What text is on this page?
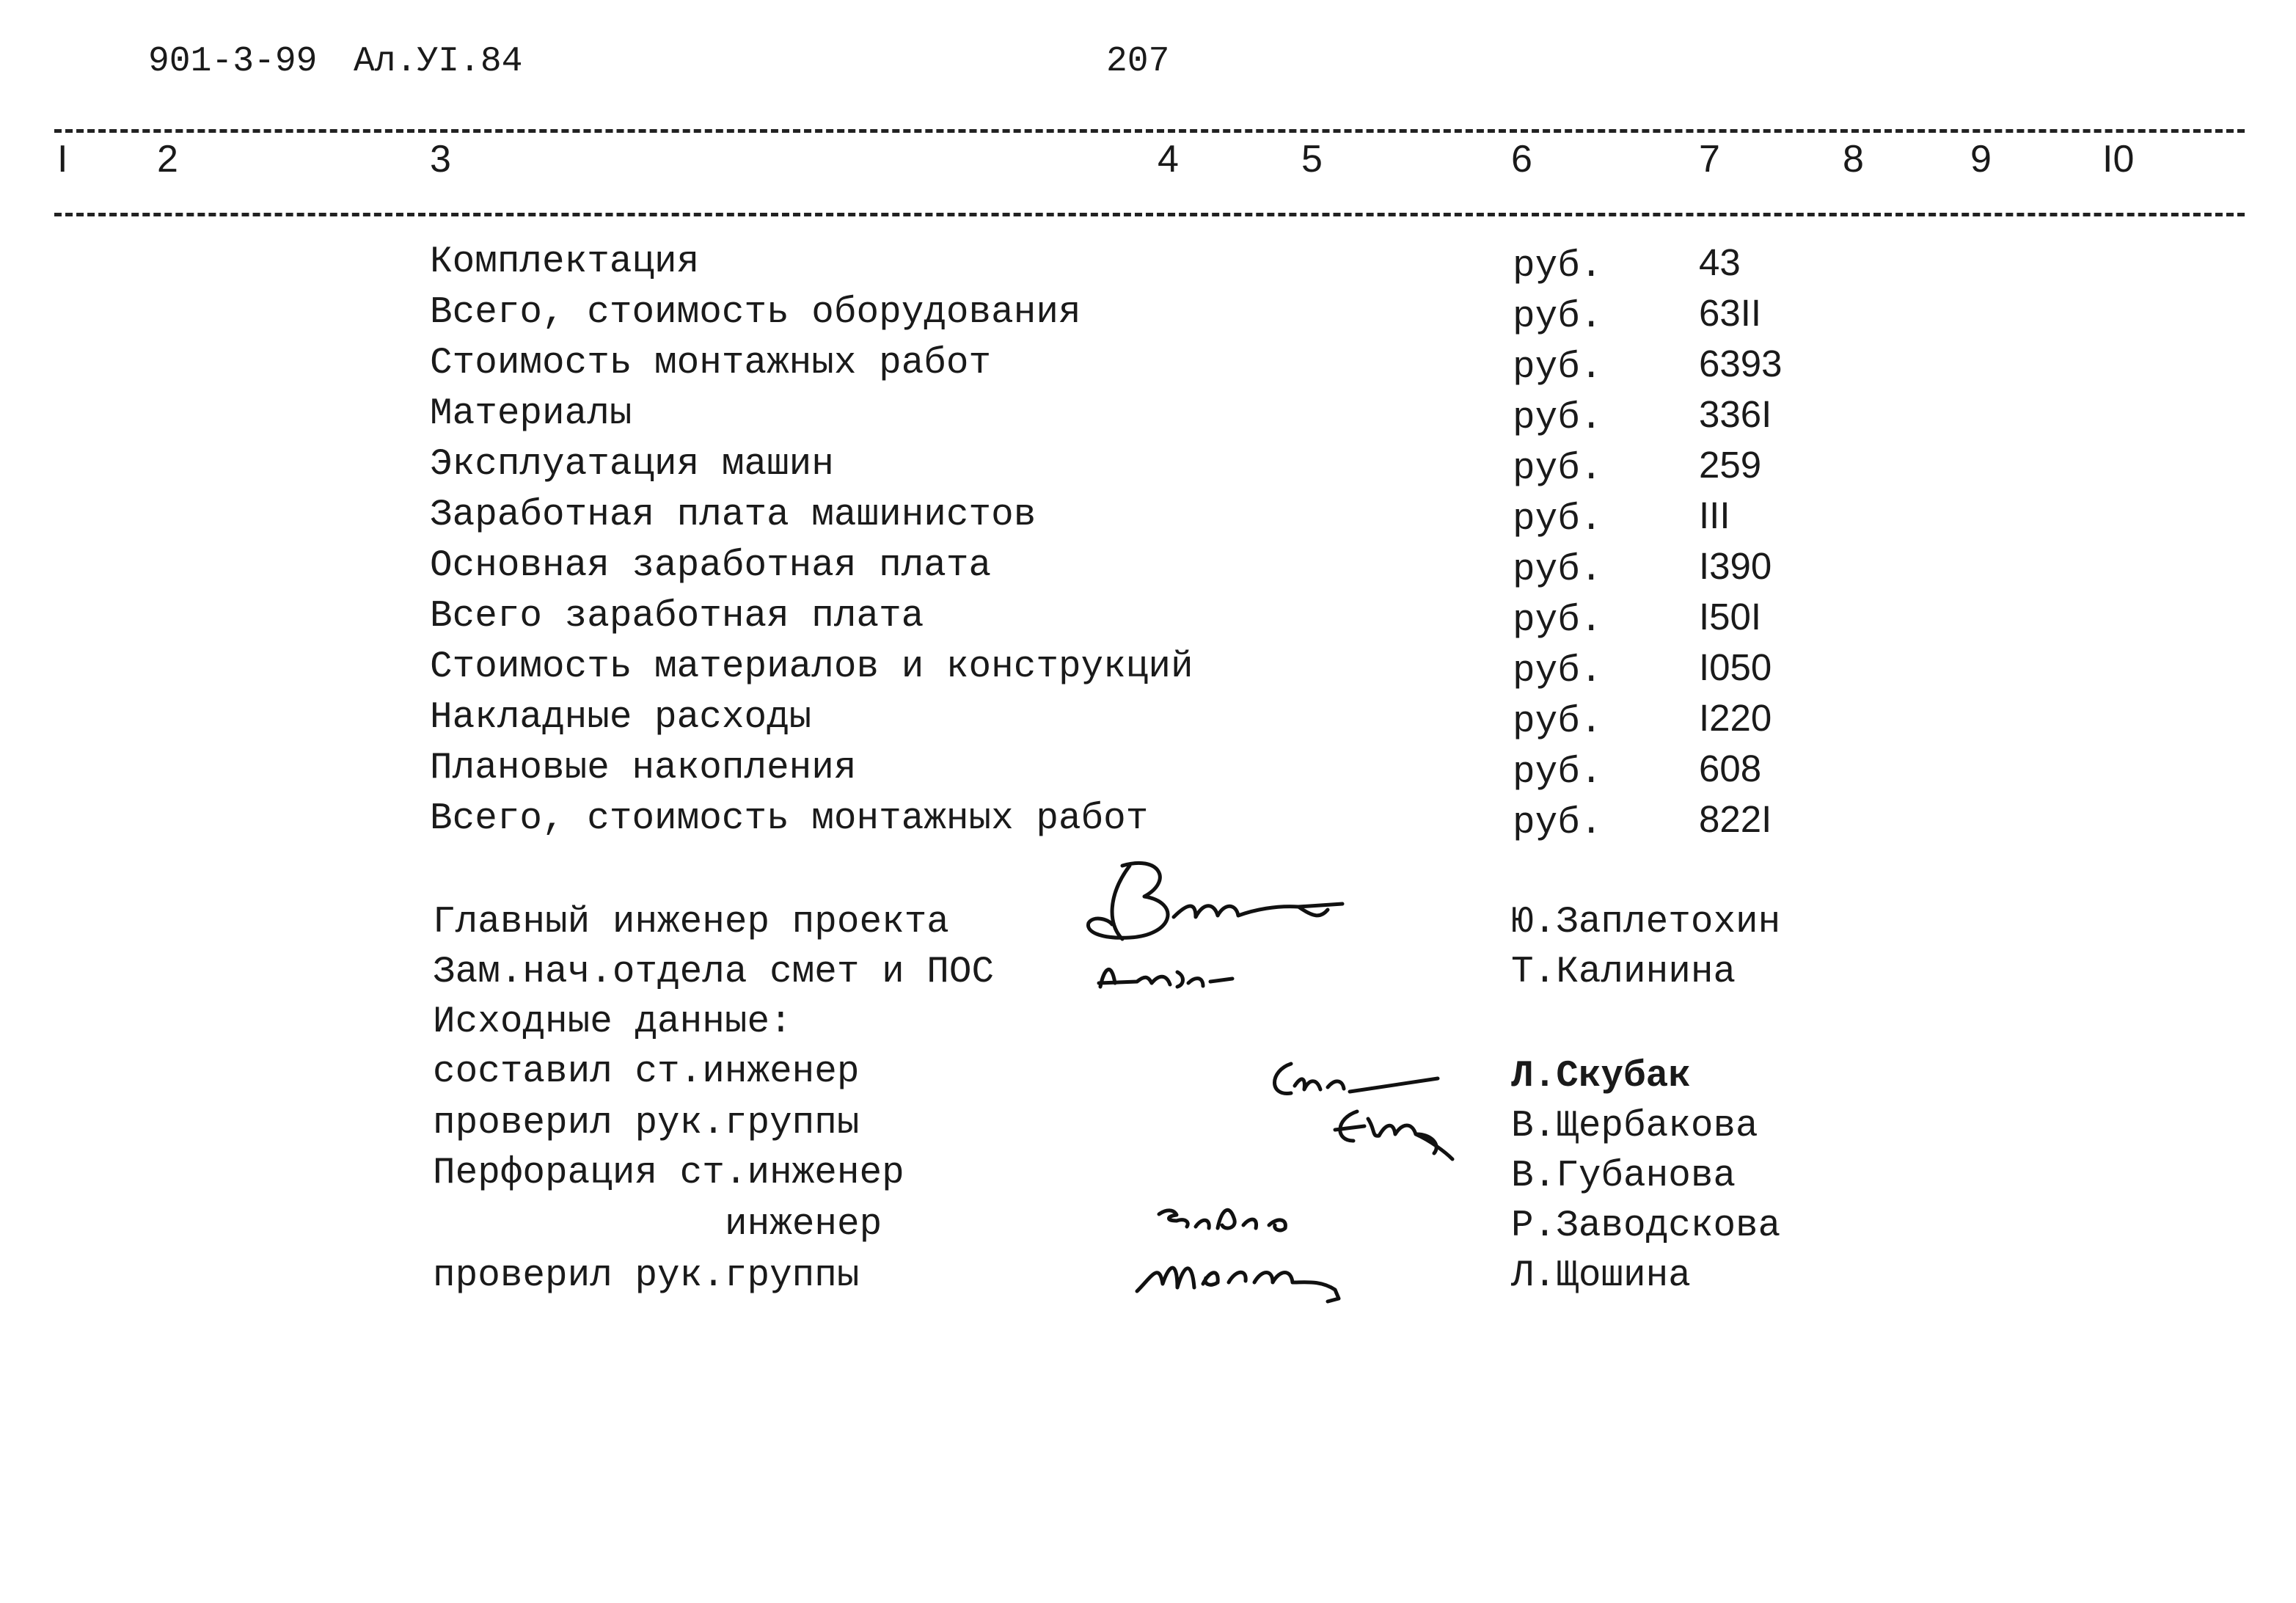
901-3-99 Ал.УI.84	207
I 2	3	4	5	6	7	8	9	I0
Комплектация	руб.	43
Всего, стоимость оборудования	руб.	63II
Стоимость монтажных работ	руб.	6393
Материалы	руб.	336I
Эксплуатация машин	руб.	259
Заработная плата машинистов	руб.	III
Основная заработная плата	руб.	I390
Всего заработная плата	руб.	I50I
Стоимость материалов и конструкций	руб.	I050
Накладные расходы	руб.	I220
Плановые накопления	руб.	608
Всего, стоимость монтажных работ	руб.	822I
Главный инженер проекта	Ю.Заплетохин
Зам.нач.отдела смет и ПОС	Т.Калинина
Исходные данные:
составил ст.инженер	Л.Скубак
проверил рук.группы	В.Щербакова
Перфорация ст.инженер	В.Губанова
инженер	Р.Заводскова
проверил рук.группы	Л.Щошина
